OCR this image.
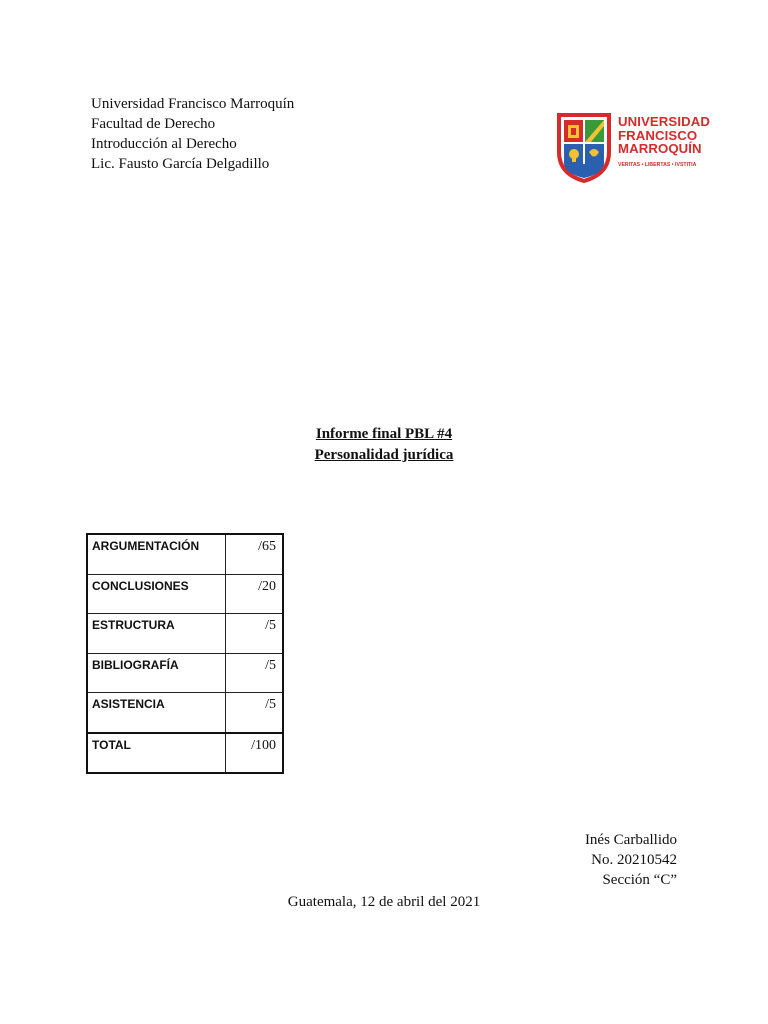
Universidad Francisco Marroquín
Facultad de Derecho
Introducción al Derecho
Lic. Fausto García Delgadillo
UNIVERSIDAD
FRANCISCO
MARROQUÍN
VERITAS • LIBERTAS • IVSTITIA
Informe final PBL #4
Personalidad jurídica
ARGUMENTACIÓN	/65
CONCLUSIONES	/20
ESTRUCTURA	/5
BIBLIOGRAFÍA	/5
ASISTENCIA	/5
TOTAL	/100
Inés Carballido
No. 20210542
Sección “C”
Guatemala, 12 de abril del 2021
